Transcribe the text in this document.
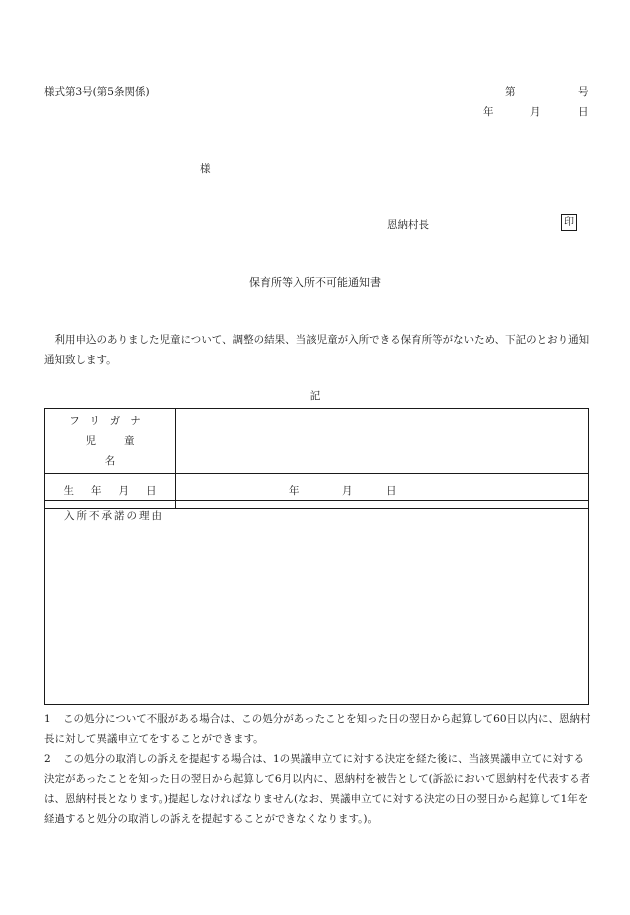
様式第3号(第5条関係)	第	号
年	月	日
様
恩納村長	印
保育所等入所不可能通知書
利用申込のありました児童について、調整の結果、当該児童が入所できる保育所等がないため、下記のとおり通知通知致します。
記
フリガナ
児童名	

生年月日	年 月 日
入所不承諾の理由
1 この処分について不服がある場合は、この処分があったことを知った日の翌日から起算して60日以内に、恩納村長に対して異議申立てをすることができます。
2 この処分の取消しの訴えを提起する場合は、1の異議申立てに対する決定を経た後に、当該異議申立てに対する決定があったことを知った日の翌日から起算して6月以内に、恩納村を被告として(訴訟において恩納村を代表する者は、恩納村長となります。)提起しなければなりません(なお、異議申立てに対する決定の日の翌日から起算して1年を経過すると処分の取消しの訴えを提起することができなくなります。)。
